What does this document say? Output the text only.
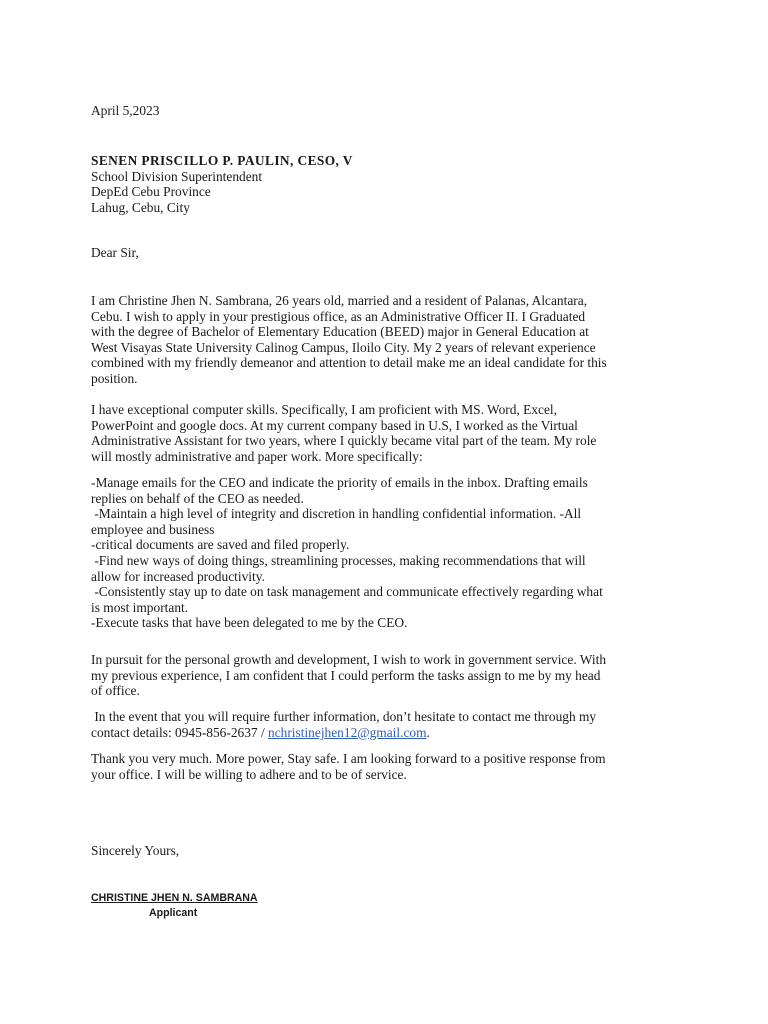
April 5,2023

SENEN PRISCILLO P. PAULIN, CESO, V
School Division Superintendent
DepEd Cebu Province
Lahug, Cebu, City

Dear Sir,

I am Christine Jhen N. Sambrana, 26 years old, married and a resident of Palanas, Alcantara,
Cebu. I wish to apply in your prestigious office, as an Administrative Officer II. I Graduated
with the degree of Bachelor of Elementary Education (BEED) major in General Education at
West Visayas State University Calinog Campus, Iloilo City. My 2 years of relevant experience
combined with my friendly demeanor and attention to detail make me an ideal candidate for this
position.
I have exceptional computer skills. Specifically, I am proficient with MS. Word, Excel,
PowerPoint and google docs. At my current company based in U.S, I worked as the Virtual
Administrative Assistant for two years, where I quickly became vital part of the team. My role
will mostly administrative and paper work. More specifically:
-Manage emails for the CEO and indicate the priority of emails in the inbox. Drafting emails
replies on behalf of the CEO as needed.
-Maintain a high level of integrity and discretion in handling confidential information. -All
employee and business
-critical documents are saved and filed properly.
-Find new ways of doing things, streamlining processes, making recommendations that will
allow for increased productivity.
-Consistently stay up to date on task management and communicate effectively regarding what
is most important.
-Execute tasks that have been delegated to me by the CEO.
In pursuit for the personal growth and development, I wish to work in government service. With
my previous experience, I am confident that I could perform the tasks assign to me by my head
of office.
In the event that you will require further information, don’t hesitate to contact me through my
contact details: 0945-856-2637 / nchristinejhen12@gmail.com.
Thank you very much. More power, Stay safe. I am looking forward to a positive response from
your office. I will be willing to adhere and to be of service.

Sincerely Yours,

CHRISTINE JHEN N. SAMBRANA
Applicant
